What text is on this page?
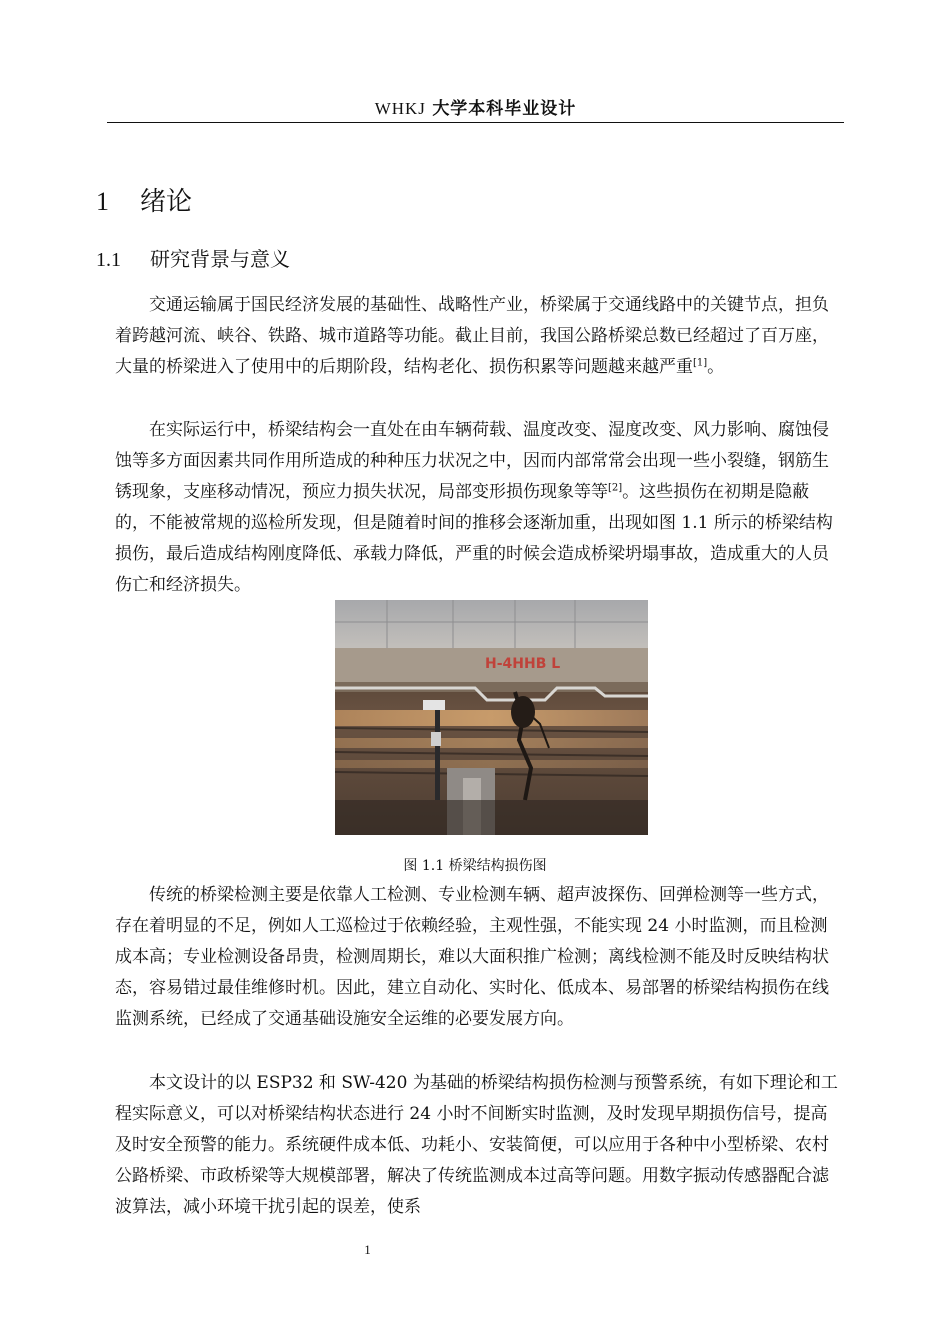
WHKJ 大学本科毕业设计
1 绪论
1.1 研究背景与意义
交通运输属于国民经济发展的基础性、战略性产业，桥梁属于交通线路中的关键节点，担负着跨越河流、峡谷、铁路、城市道路等功能。截止目前，我国公路桥梁总数已经超过了百万座，大量的桥梁进入了使用中的后期阶段，结构老化、损伤积累等问题越来越严重[1]。
在实际运行中，桥梁结构会一直处在由车辆荷载、温度改变、湿度改变、风力影响、腐蚀侵蚀等多方面因素共同作用所造成的种种压力状况之中，因而内部常常会出现一些小裂缝，钢筋生锈现象，支座移动情况，预应力损失状况，局部变形损伤现象等等[2]。这些损伤在初期是隐蔽的，不能被常规的巡检所发现，但是随着时间的推移会逐渐加重，出现如图 1.1 所示的桥梁结构损伤，最后造成结构刚度降低、承载力降低，严重的时候会造成桥梁坍塌事故，造成重大的人员伤亡和经济损失。
H-4HHB L
图 1.1 桥梁结构损伤图
传统的桥梁检测主要是依靠人工检测、专业检测车辆、超声波探伤、回弹检测等一些方式，存在着明显的不足，例如人工巡检过于依赖经验，主观性强，不能实现 24 小时监测，而且检测成本高；专业检测设备昂贵，检测周期长，难以大面积推广检测；离线检测不能及时反映结构状态，容易错过最佳维修时机。因此，建立自动化、实时化、低成本、易部署的桥梁结构损伤在线监测系统，已经成了交通基础设施安全运维的必要发展方向。
本文设计的以 ESP32 和 SW-420 为基础的桥梁结构损伤检测与预警系统，有如下理论和工程实际意义，可以对桥梁结构状态进行 24 小时不间断实时监测，及时发现早期损伤信号，提高及时安全预警的能力。系统硬件成本低、功耗小、安装简便，可以应用于各种中小型桥梁、农村公路桥梁、市政桥梁等大规模部署，解决了传统监测成本过高等问题。用数字振动传感器配合滤波算法，减小环境干扰引起的误差，使系
1
